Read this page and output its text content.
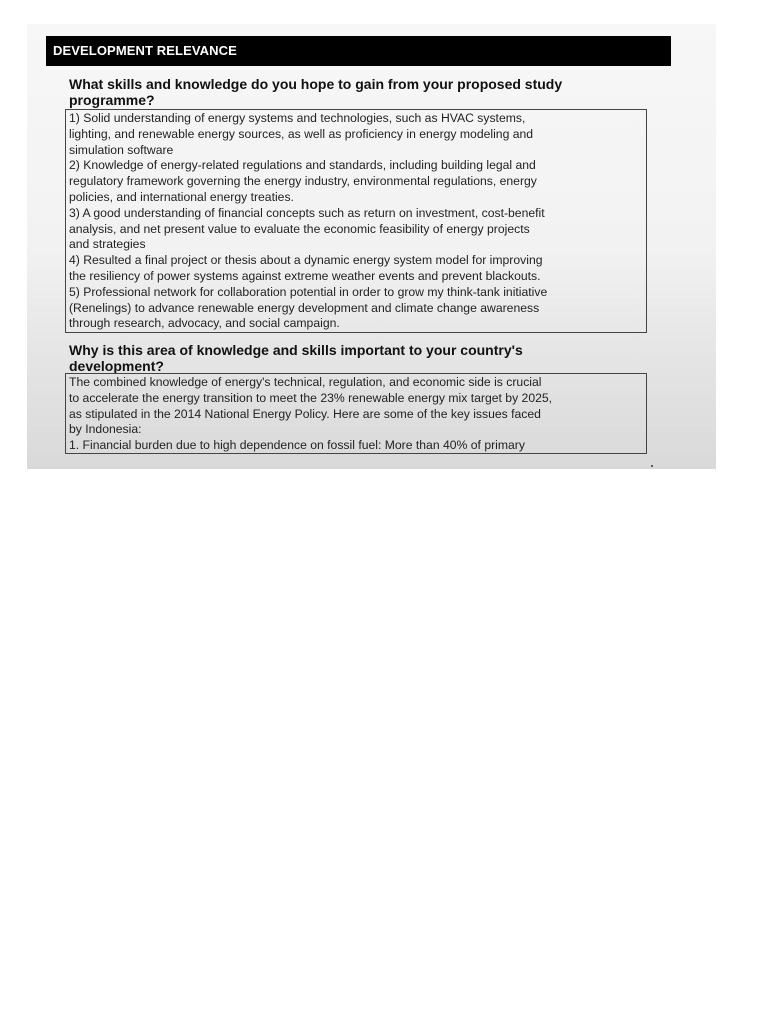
DEVELOPMENT RELEVANCE
What skills and knowledge do you hope to gain from your proposed study
programme?
1) Solid understanding of energy systems and technologies, such as HVAC systems,
lighting, and renewable energy sources, as well as proficiency in energy modeling and
simulation software
2) Knowledge of energy-related regulations and standards, including building legal and
regulatory framework governing the energy industry, environmental regulations, energy
policies, and international energy treaties.
3) A good understanding of financial concepts such as return on investment, cost-benefit
analysis, and net present value to evaluate the economic feasibility of energy projects
and strategies
4) Resulted a final project or thesis about a dynamic energy system model for improving
the resiliency of power systems against extreme weather events and prevent blackouts.
5) Professional network for collaboration potential in order to grow my think-tank initiative
(Renelings) to advance renewable energy development and climate change awareness
through research, advocacy, and social campaign.
Why is this area of knowledge and skills important to your country's
development?
The combined knowledge of energy's technical, regulation, and economic side is crucial
to accelerate the energy transition to meet the 23% renewable energy mix target by 2025,
as stipulated in the 2014 National Energy Policy. Here are some of the key issues faced
by Indonesia:
1. Financial burden due to high dependence on fossil fuel: More than 40% of primary
